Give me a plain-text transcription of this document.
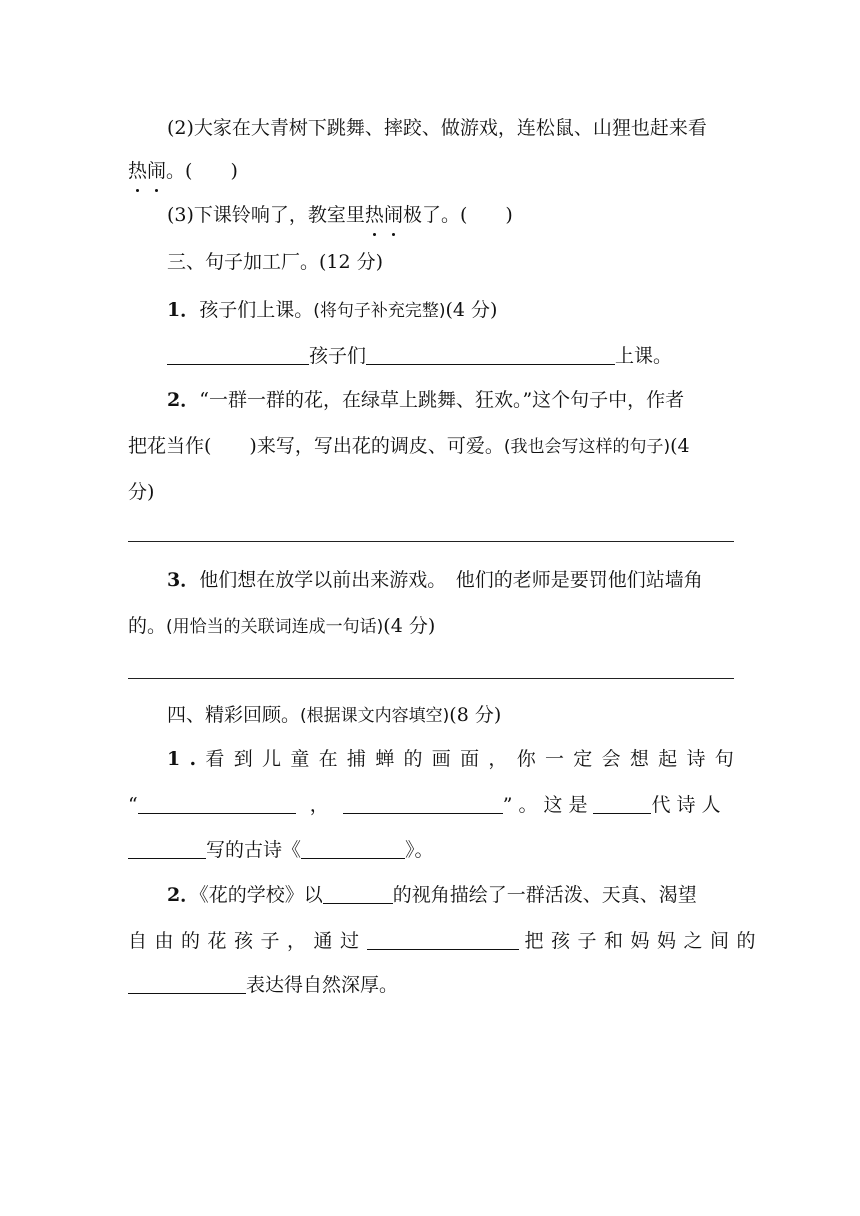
(2)大家在大青树下跳舞、摔跤、做游戏，连松鼠、山狸也赶来看
热闹。(　　)
(3)下课铃响了，教室里热闹极了。(　　)
三、句子加工厂。(12 分)
1．孩子们上课。(将句子补充完整)(4 分)
孩子们	上课。
2．“一群一群的花，在绿草上跳舞、狂欢。”这个句子中，作者
把花当作(　　)来写，写出花的调皮、可爱。(我也会写这样的句子)(4
分)
3．他们想在放学以前出来游戏。　他们的老师是要罚他们站墙角
的。(用恰当的关联词连成一句话)(4 分)
四、精彩回顾。(根据课文内容填空)(8 分)
1 . 看 到 儿 童 在 捕 蝉 的 画 面 ， 你 一 定 会 想 起 诗 句
“	，	”。这是	代诗人
写的古诗《	》。
2．《花的学校》以	的视角描绘了一群活泼、天真、渴望
自由的花孩子，通过	把孩子和妈妈之间的
表达得自然深厚。
